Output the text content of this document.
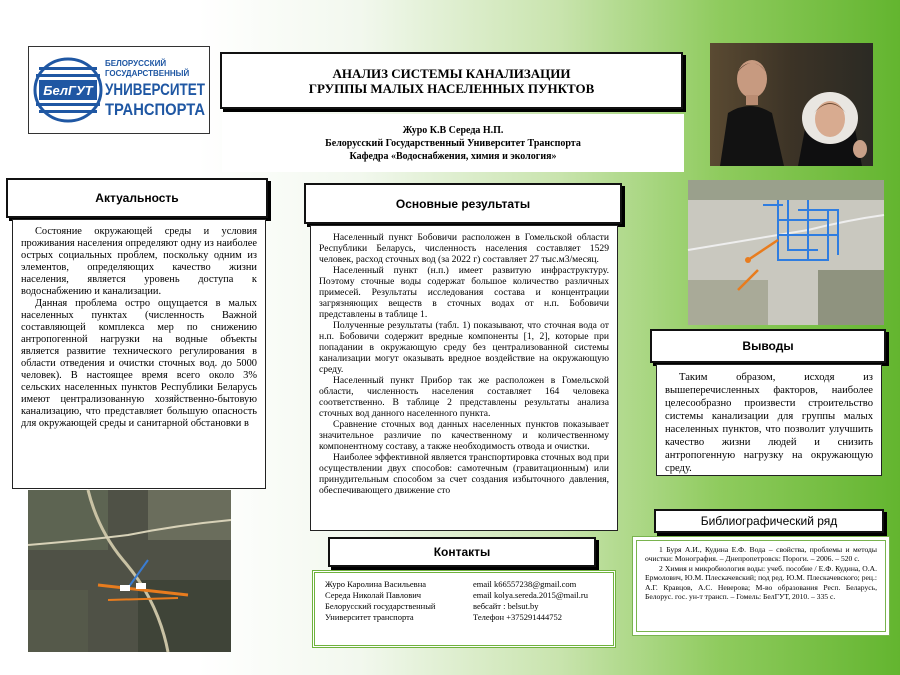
БелГУТ
БЕЛОРУССКИЙ
ГОСУДАРСТВЕННЫЙ
УНИВЕРСИТЕТ
ТРАНСПОРТА
АНАЛИЗ СИСТЕМЫ КАНАЛИЗАЦИИ
ГРУППЫ МАЛЫХ НАСЕЛЕННЫХ ПУНКТОВ
Журо К.В Середа Н.П.
Белорусский Государственный Университет Транспорта
Кафедра «Водоснабжения, химия и экология»
Актуальность

Состояние окружающей среды и условия проживания населения определяют одну из наиболее острых социальных проблем, поскольку одним из элементов, определяющих качество жизни населения, является уровень доступа к водоснабжению и канализации.

Данная проблема остро ощущается в малых населенных пунктах (численность Важной составляющей комплекса мер по снижению антропогенной нагрузки на водные объекты является развитие технического регулирования в области отведения и очистки сточных вод. до 5000 человек). В настоящее время всего около 3% сельских населенных пунктов Республики Беларусь имеют централизованную хозяйственно-бытовую канализацию, что представляет большую опасность для окружающей среды и санитарной обстановки в

Основные результаты

Населенный пункт Бобовичи расположен в Гомельской области Республики Беларусь, численность населения составляет 1529 человек, расход сточных вод (за 2022 г) составляет 27 тыс.м3/месяц.

Населенный пункт (н.п.) имеет развитую инфраструктуру. Поэтому сточные воды содержат большое количество различных примесей. Результаты исследования состава и концентрации загрязняющих веществ в сточных водах от н.п. Бобовичи представлены в таблице 1.

Полученные результаты (табл. 1) показывают, что сточная вода от н.п. Бобовичи содержит вредные компоненты [1, 2], которые при попадании в окружающую среду без централизованной системы канализации могут оказывать вредное воздействие на окружающую среду.

Населенный пункт Прибор так же расположен в Гомельской области, численность населения составляет 164 человека соответственно. В таблице 2 представлены результаты анализа сточных вод данного населенного пункта.

Сравнение сточных вод данных населенных пунктов показывает значительное различие по качественному и количественному компонентному составу, а также необходимость отвода и очистки.

Наиболее эффективной является транспортировка сточных вод при осуществлении двух способов: самотечным (гравитационным) или принудительным способом за счет создания избыточного давления, обеспечивающего движение сто

Выводы

Таким образом, исходя из вышеперечисленных факторов, наиболее целесообразно произвести строительство системы канализации для группы малых населенных пунктов, что позволит улучшить качество жизни людей и снизить антропогенную нагрузку на окружающую среду.

Библиографический ряд

1 Буря А.И., Кудина Е.Ф. Вода – свойства, проблемы и методы очистки: Монография. – Днепропетровск: Пороги. – 2006. – 520 с.

2 Химия и микробиология воды: учеб. пособие / Е.Ф. Кудина, О.А. Ермолович, Ю.М. Плескачевский; под ред. Ю.М. Плескачевского; рец.: А.Г. Кравцов, А.С. Неверова; М-во образования Респ. Беларусь, Белорус. гос. ун-т трансп. – Гомель: БелГУТ, 2010. – 335 с.

Контакты
Журо Каролина Васильевна	email k66557238@gmail.com
Середа Николай Павлович	email kolya.sereda.2015@mail.ru
Белорусский государственный	вебсайт : belsut.by
Университет транспорта	Телефон +375291444752
